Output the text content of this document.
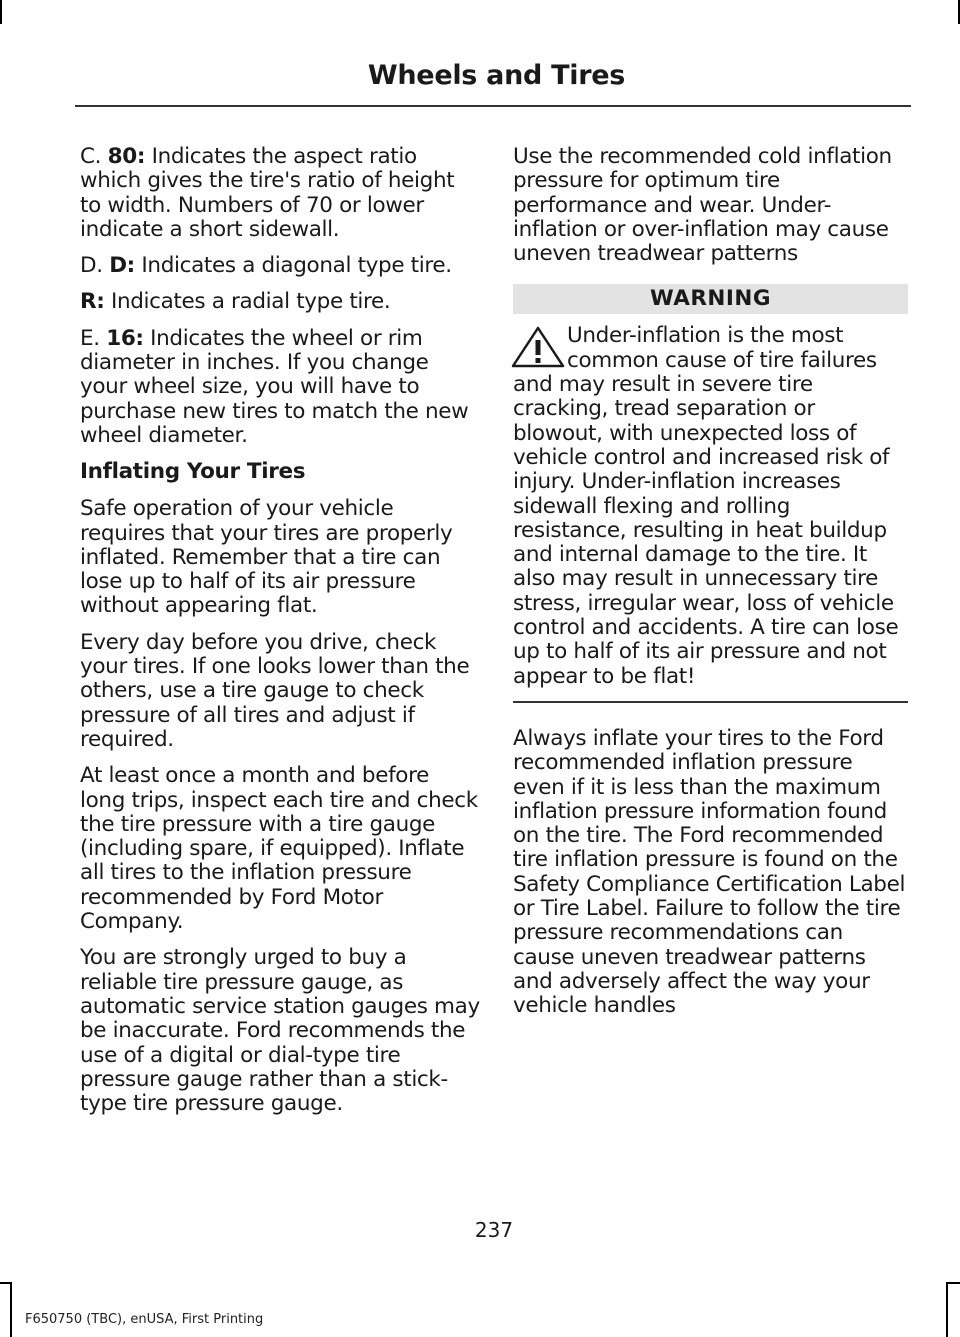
Wheels and Tires

C. 80: Indicates the aspect ratio which gives the tire's ratio of height to width. Numbers of 70 or lower indicate a short sidewall.

D. D: Indicates a diagonal type tire.

R: Indicates a radial type tire.

E. 16: Indicates the wheel or rim diameter in inches. If you change your wheel size, you will have to purchase new tires to match the new wheel diameter.

Inflating Your Tires

Safe operation of your vehicle requires that your tires are properly inflated. Remember that a tire can lose up to half of its air pressure without appearing flat.

Every day before you drive, check your tires. If one looks lower than the others, use a tire gauge to check pressure of all tires and adjust if required.

At least once a month and before long trips, inspect each tire and check the tire pressure with a tire gauge (including spare, if equipped). Inflate all tires to the inflation pressure recommended by Ford Motor Company.

You are strongly urged to buy a reliable tire pressure gauge, as automatic service station gauges may be inaccurate. Ford recommends the use of a digital or dial-type tire pressure gauge rather than a stick-type tire pressure gauge.

Use the recommended cold inflation pressure for optimum tire performance and wear. Under-inflation or over-inflation may cause uneven treadwear patterns

WARNING
Under-inflation is the most common cause of tire failures and may result in severe tire cracking, tread separation or blowout, with unexpected loss of vehicle control and increased risk of injury. Under-inflation increases sidewall flexing and rolling resistance, resulting in heat buildup and internal damage to the tire. It also may result in unnecessary tire stress, irregular wear, loss of vehicle control and accidents. A tire can lose up to half of its air pressure and not appear to be flat!

Always inflate your tires to the Ford recommended inflation pressure even if it is less than the maximum inflation pressure information found on the tire. The Ford recommended tire inflation pressure is found on the Safety Compliance Certification Label or Tire Label. Failure to follow the tire pressure recommendations can cause uneven treadwear patterns and adversely affect the way your vehicle handles

237
F650750 (TBC), enUSA, First Printing
